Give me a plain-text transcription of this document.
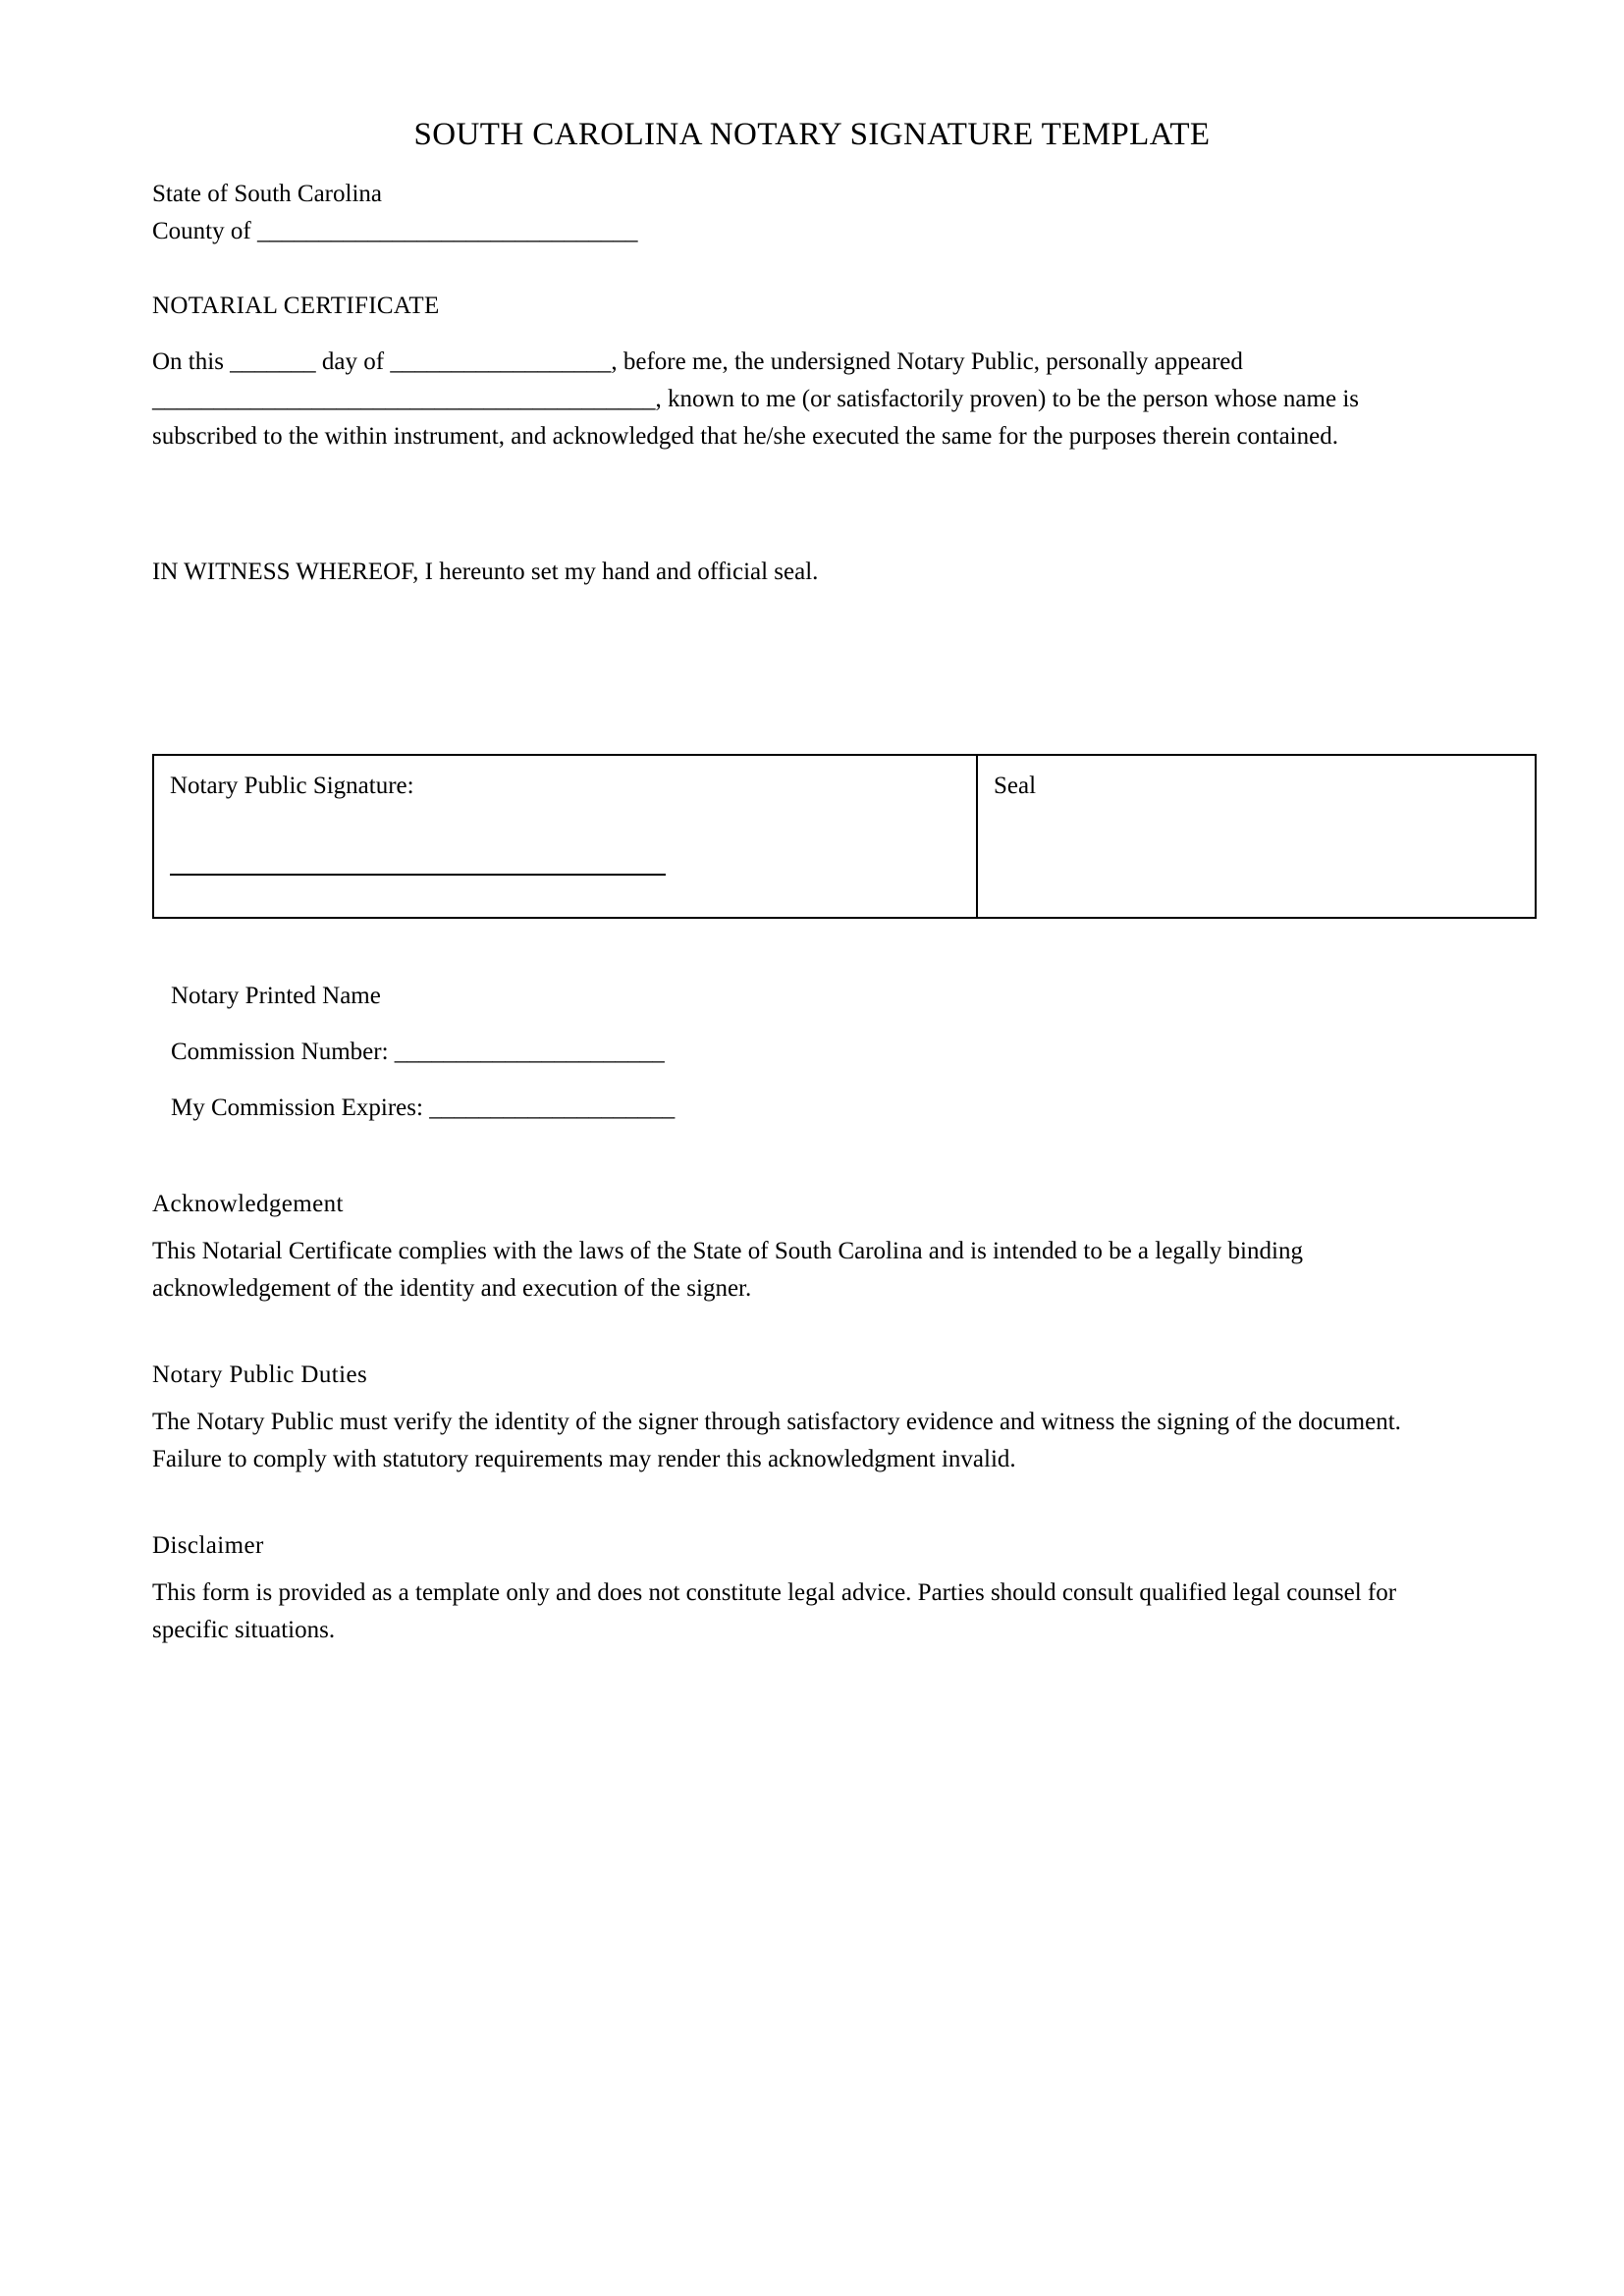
SOUTH CAROLINA NOTARY SIGNATURE TEMPLATE
State of South Carolina
County of _______________________________
NOTARIAL CERTIFICATE

On this _______ day of __________________, before me, the undersigned Notary Public, personally appeared _________________________________________, known to me (or satisfactorily proven) to be the person whose name is subscribed to the within instrument, and acknowledged that he/she executed the same for the purposes therein contained.

IN WITNESS WHEREOF, I hereunto set my hand and official seal.
Notary Public Signature:	Seal
Notary Printed Name
Commission Number: ______________________
My Commission Expires: ____________________
Acknowledgement

This Notarial Certificate complies with the laws of the State of South Carolina and is intended to be a legally binding acknowledgement of the identity and execution of the signer.

Notary Public Duties

The Notary Public must verify the identity of the signer through satisfactory evidence and witness the signing of the document. Failure to comply with statutory requirements may render this acknowledgment invalid.

Disclaimer

This form is provided as a template only and does not constitute legal advice. Parties should consult qualified legal counsel for specific situations.
